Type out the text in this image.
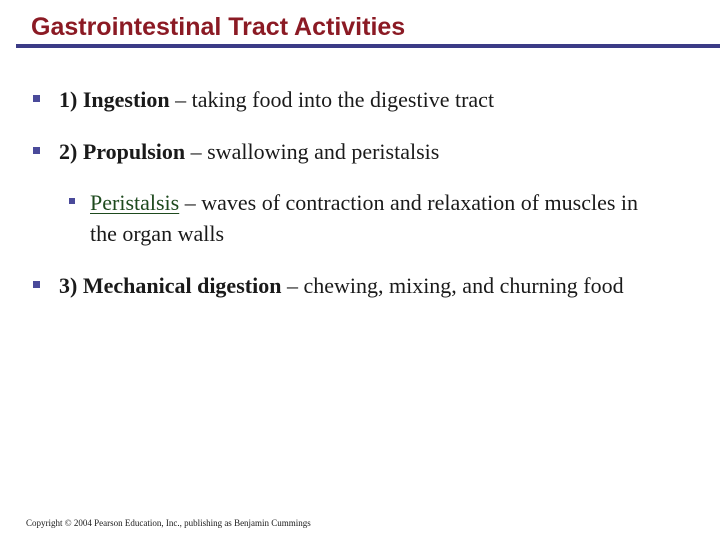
Gastrointestinal Tract Activities
1) Ingestion – taking food into the digestive tract
2) Propulsion – swallowing and peristalsis
Peristalsis – waves of contraction and relaxation of muscles in the organ walls
3) Mechanical digestion – chewing, mixing, and churning food
Copyright © 2004 Pearson Education, Inc., publishing as Benjamin Cummings
